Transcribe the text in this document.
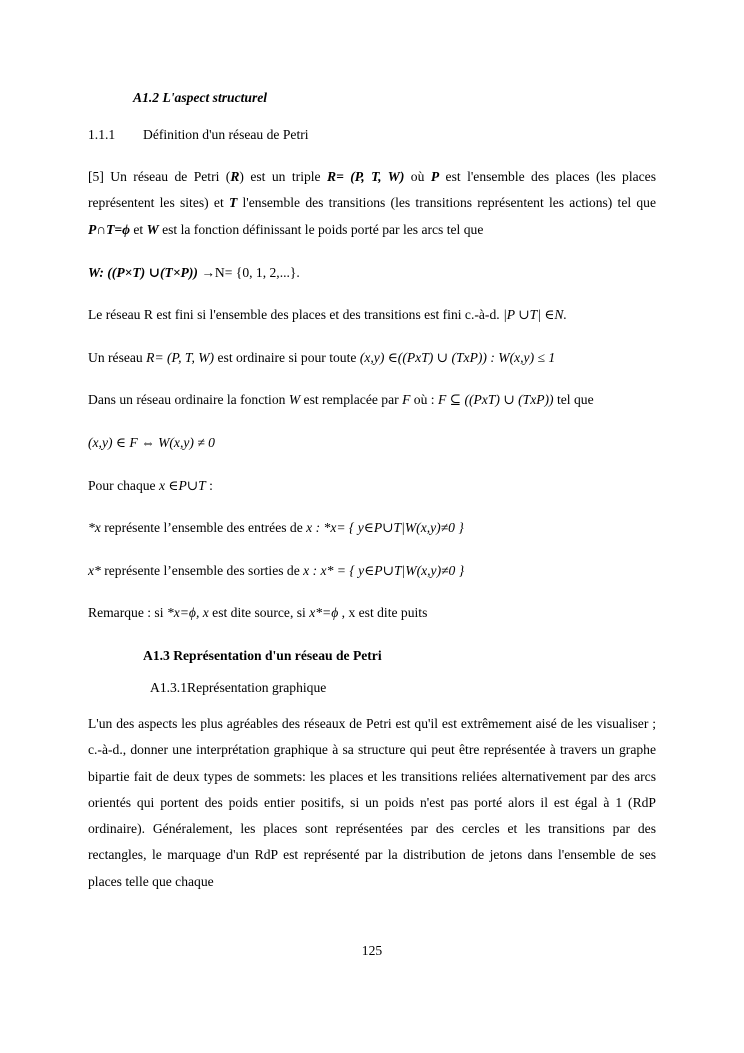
A1.2 L'aspect structurel
1.1.1 Définition d'un réseau de Petri
[5] Un réseau de Petri (R) est un triple R= (P, T, W) où P est l'ensemble des places (les places représentent les sites) et T l'ensemble des transitions (les transitions représentent les actions) tel que P∩T=ϕ et W est la fonction définissant le poids porté par les arcs tel que
W: ((P×T) ∪(T×P)) →N= {0, 1, 2,...}.
Le réseau R est fini si l'ensemble des places et des transitions est fini c.-à-d. |P ∪T| ∈N.
Un réseau R= (P, T, W) est ordinaire si pour toute (x,y) ∈((PxT) ∪ (TxP)) : W(x,y) ≤ 1
Dans un réseau ordinaire la fonction W est remplacée par F où : F ⊆ ((PxT) ∪ (TxP)) tel que
(x,y) ∈ F ⇔ W(x,y) ≠ 0
Pour chaque x ∈P∪T :
*x représente l’ensemble des entrées de x : *x= { y∈P∪T|W(x,y)≠0 }
x* représente l’ensemble des sorties de x : x* = { y∈P∪T|W(x,y)≠0 }
Remarque : si *x=ϕ, x est dite source, si x*=ϕ , x est dite puits
A1.3 Représentation d'un réseau de Petri
A1.3.1Représentation graphique
L'un des aspects les plus agréables des réseaux de Petri est qu'il est extrêmement aisé de les visualiser ; c.-à-d., donner une interprétation graphique à sa structure qui peut être représentée à travers un graphe bipartie fait de deux types de sommets: les places et les transitions reliées alternativement par des arcs orientés qui portent des poids entier positifs, si un poids n'est pas porté alors il est égal à 1 (RdP ordinaire). Généralement, les places sont représentées par des cercles et les transitions par des rectangles, le marquage d'un RdP est représenté par la distribution de jetons dans l'ensemble de ses places telle que chaque
125
